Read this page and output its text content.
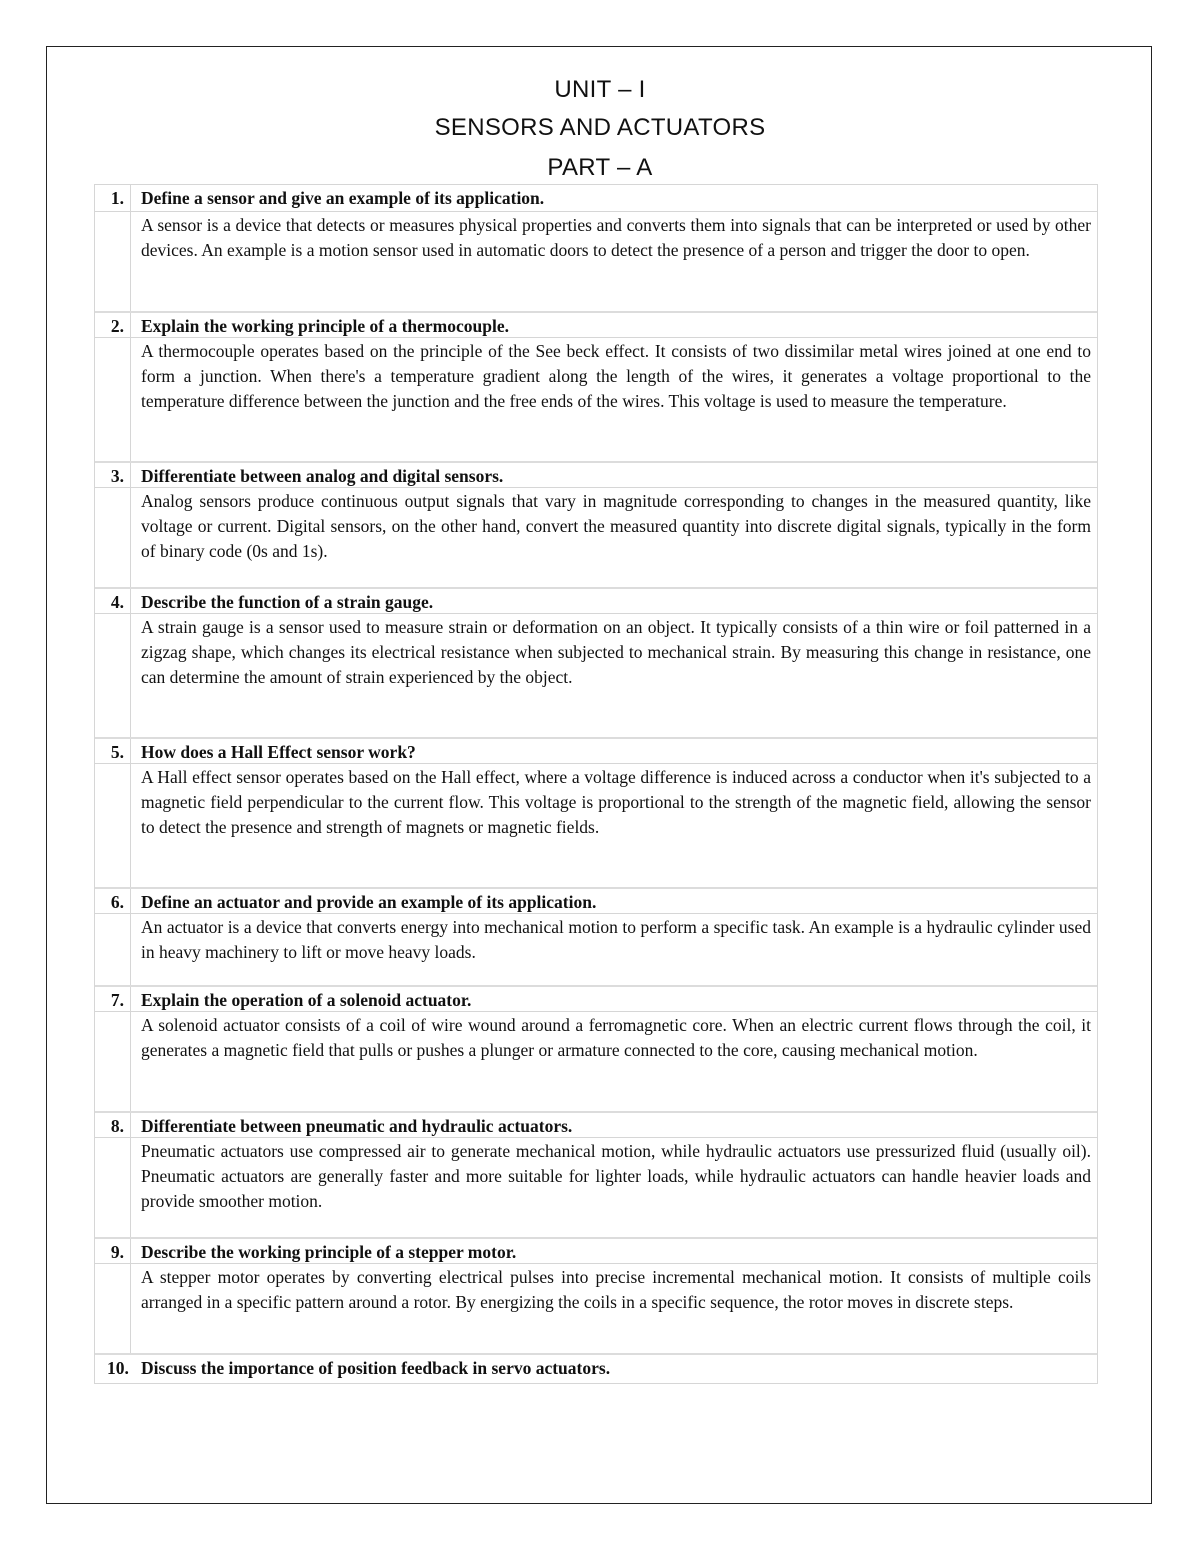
UNIT – I
SENSORS AND ACTUATORS
PART – A
1. Define a sensor and give an example of its application.
A sensor is a device that detects or measures physical properties and converts them into signals that can be interpreted or used by other devices. An example is a motion sensor used in automatic doors to detect the presence of a person and trigger the door to open.
2. Explain the working principle of a thermocouple.
A thermocouple operates based on the principle of the See beck effect. It consists of two dissimilar metal wires joined at one end to form a junction. When there's a temperature gradient along the length of the wires, it generates a voltage proportional to the temperature difference between the junction and the free ends of the wires. This voltage is used to measure the temperature.
3. Differentiate between analog and digital sensors.
Analog sensors produce continuous output signals that vary in magnitude corresponding to changes in the measured quantity, like voltage or current. Digital sensors, on the other hand, convert the measured quantity into discrete digital signals, typically in the form of binary code (0s and 1s).
4. Describe the function of a strain gauge.
A strain gauge is a sensor used to measure strain or deformation on an object. It typically consists of a thin wire or foil patterned in a zigzag shape, which changes its electrical resistance when subjected to mechanical strain. By measuring this change in resistance, one can determine the amount of strain experienced by the object.
5. How does a Hall Effect sensor work?
A Hall effect sensor operates based on the Hall effect, where a voltage difference is induced across a conductor when it's subjected to a magnetic field perpendicular to the current flow. This voltage is proportional to the strength of the magnetic field, allowing the sensor to detect the presence and strength of magnets or magnetic fields.
6. Define an actuator and provide an example of its application.
An actuator is a device that converts energy into mechanical motion to perform a specific task. An example is a hydraulic cylinder used in heavy machinery to lift or move heavy loads.
7. Explain the operation of a solenoid actuator.
A solenoid actuator consists of a coil of wire wound around a ferromagnetic core. When an electric current flows through the coil, it generates a magnetic field that pulls or pushes a plunger or armature connected to the core, causing mechanical motion.
8. Differentiate between pneumatic and hydraulic actuators.
Pneumatic actuators use compressed air to generate mechanical motion, while hydraulic actuators use pressurized fluid (usually oil). Pneumatic actuators are generally faster and more suitable for lighter loads, while hydraulic actuators can handle heavier loads and provide smoother motion.
9. Describe the working principle of a stepper motor.
A stepper motor operates by converting electrical pulses into precise incremental mechanical motion. It consists of multiple coils arranged in a specific pattern around a rotor. By energizing the coils in a specific sequence, the rotor moves in discrete steps.
10. Discuss the importance of position feedback in servo actuators.
